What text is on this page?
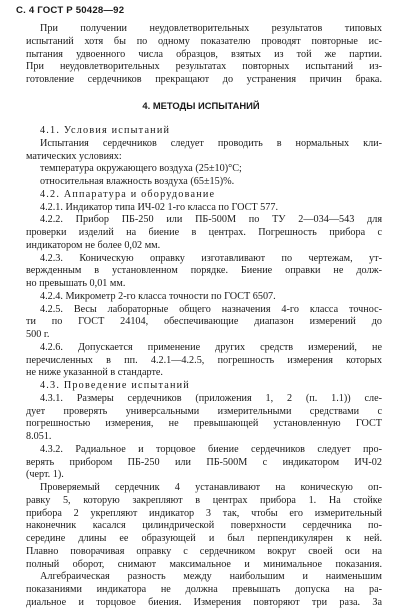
С. 4 ГОСТ Р 50428—92
При получении неудовлетворительных результатов типовых
испытаний хотя бы по одному показателю проводят повторные ис-
пытания удвоенного числа образцов, взятых из той же партии.
При неудовлетворительных результатах повторных испытаний из-
готовление сердечников прекращают до устранения причин брака.
4. МЕТОДЫ ИСПЫТАНИЙ
4.1. Условия испытаний
Испытания сердечников следует проводить в нормальных кли-
матических условиях:
температура окружающего воздуха (25±10)°С;
относительная влажность воздуха (65±15)%.
4.2. Аппаратура и оборудование
4.2.1. Индикатор типа ИЧ-02 1-го класса по ГОСТ 577.
4.2.2. Прибор ПБ-250 или ПБ-500М по ТУ 2—034—543 для
проверки изделий на биение в центрах. Погрешность прибора с
индикатором не более 0,02 мм.
4.2.3. Коническую оправку изготавливают по чертежам, ут-
вержденным в установленном порядке. Биение оправки не долж-
но превышать 0,01 мм.
4.2.4. Микрометр 2-го класса точности по ГОСТ 6507.
4.2.5. Весы лабораторные общего назначения 4-го класса точнос-
ти по ГОСТ 24104, обеспечивающие диапазон измерений до
500 г.
4.2.6. Допускается применение других средств измерений, не
перечисленных в пп. 4.2.1—4.2.5, погрешность измерения которых
не ниже указанной в стандарте.
4.3. Проведение испытаний
4.3.1. Размеры сердечников (приложения 1, 2 (п. 1.1)) сле-
дует проверять универсальными измерительными средствами с
погрешностью измерения, не превышающей установленную ГОСТ
8.051.
4.3.2. Радиальное и торцовое биение сердечников следует про-
верять прибором ПБ-250 или ПБ-500М с индикатором ИЧ-02
(черт. 1).
Проверяемый сердечник 4 устанавливают на коническую оп-
равку 5, которую закрепляют в центрах прибора 1. На стойке
прибора 2 укрепляют индикатор 3 так, чтобы его измерительный
наконечник касался цилиндрической поверхности сердечника по-
середине длины ее образующей и был перпендикулярен к ней.
Плавно поворачивая оправку с сердечником вокруг своей оси на
полный оборот, снимают максимальное и минимальное показания.
Алгебраическая разность между наибольшим и наименьшим
показаниями индикатора не должна превышать допуска на ра-
диальное и торцовое биения. Измерения повторяют три раза. За
